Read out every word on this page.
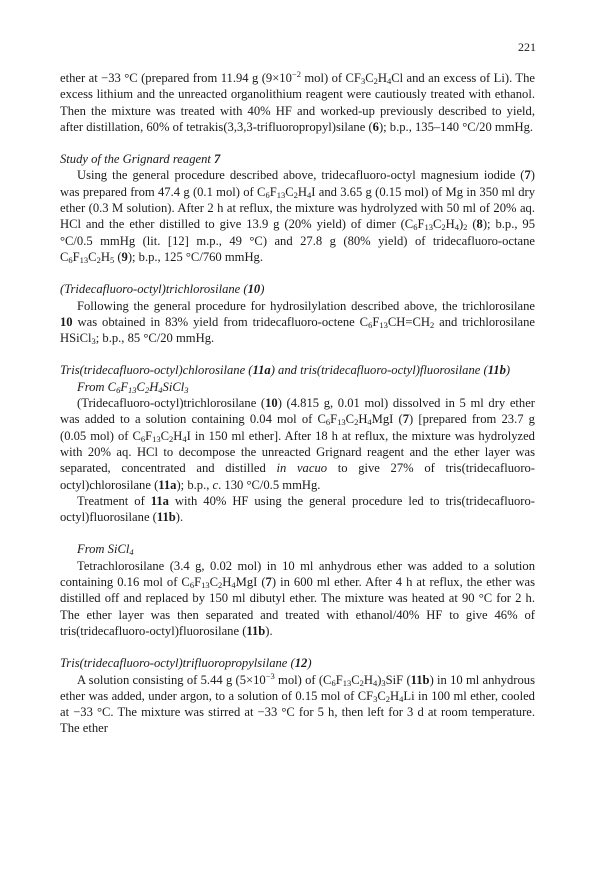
221

ether at −33 °C (prepared from 11.94 g ($9\times 10^{-2}$ mol) of $CF_3C_2H_4Cl$ and an excess of Li). The excess lithium and the unreacted organolithium reagent were cautiously treated with ethanol. Then the mixture was treated with 40% HF and worked-up previously described to yield, after distillation, 60% of tetrakis(3,3,3-trifluoropropyl)silane (6); b.p., 135–140 °C/20 mmHg.

Study of the Grignard reagent 7

Using the general procedure described above, tridecafluoro-octyl magnesium iodide (7) was prepared from 47.4 g (0.1 mol) of $C_6F_{13}C_2H_4I$ and 3.65 g (0.15 mol) of Mg in 350 ml dry ether (0.3 M solution). After 2 h at reflux, the mixture was hydrolyzed with 50 ml of 20% aq. HCl and the ether distilled to give 13.9 g (20% yield) of dimer $(C_6F_{13}C_2H_4)_2$ (8); b.p., 95 °C/0.5 mmHg (lit. [12] m.p., 49 °C) and 27.8 g (80% yield) of tridecafluoro-octane $C_6F_{13}C_2H_5$ (9); b.p., 125 °C/760 mmHg.

(Tridecafluoro-octyl)trichlorosilane (10)

Following the general procedure for hydrosilylation described above, the trichlorosilane 10 was obtained in 83% yield from tridecafluoro-octene $C_6F_{13}CH=CH_2$ and trichlorosilane HSiCl$_3$; b.p., 85 °C/20 mmHg.

Tris(tridecafluoro-octyl)chlorosilane (11a) and tris(tridecafluoro-octyl)fluorosilane (11b)

From $C_6F_{13}C_2H_4SiCl_3$

(Tridecafluoro-octyl)trichlorosilane (10) (4.815 g, 0.01 mol) dissolved in 5 ml dry ether was added to a solution containing 0.04 mol of $C_6F_{13}C_2H_4MgI$ (7) [prepared from 23.7 g (0.05 mol) of $C_6F_{13}C_2H_4I$ in 150 ml ether]. After 18 h at reflux, the mixture was hydrolyzed with 20% aq. HCl to decompose the unreacted Grignard reagent and the ether layer was separated, concentrated and distilled in vacuo to give 27% of tris(tridecafluoro-octyl)chlorosilane (11a); b.p., c. 130 °C/0.5 mmHg.

Treatment of 11a with 40% HF using the general procedure led to tris(tridecafluoro-octyl)fluorosilane (11b).

From SiCl$_4$

Tetrachlorosilane (3.4 g, 0.02 mol) in 10 ml anhydrous ether was added to a solution containing 0.16 mol of $C_6F_{13}C_2H_4MgI$ (7) in 600 ml ether. After 4 h at reflux, the ether was distilled off and replaced by 150 ml dibutyl ether. The mixture was heated at 90 °C for 2 h. The ether layer was then separated and treated with ethanol/40% HF to give 46% of tris(tridecafluoro-octyl)fluorosilane (11b).

Tris(tridecafluoro-octyl)trifluoropropylsilane (12)

A solution consisting of 5.44 g ($5\times 10^{-3}$ mol) of $(C_6F_{13}C_2H_4)_3SiF$ (11b) in 10 ml anhydrous ether was added, under argon, to a solution of 0.15 mol of $CF_3C_2H_4Li$ in 100 ml ether, cooled at −33 °C. The mixture was stirred at −33 °C for 5 h, then left for 3 d at room temperature. The ether
